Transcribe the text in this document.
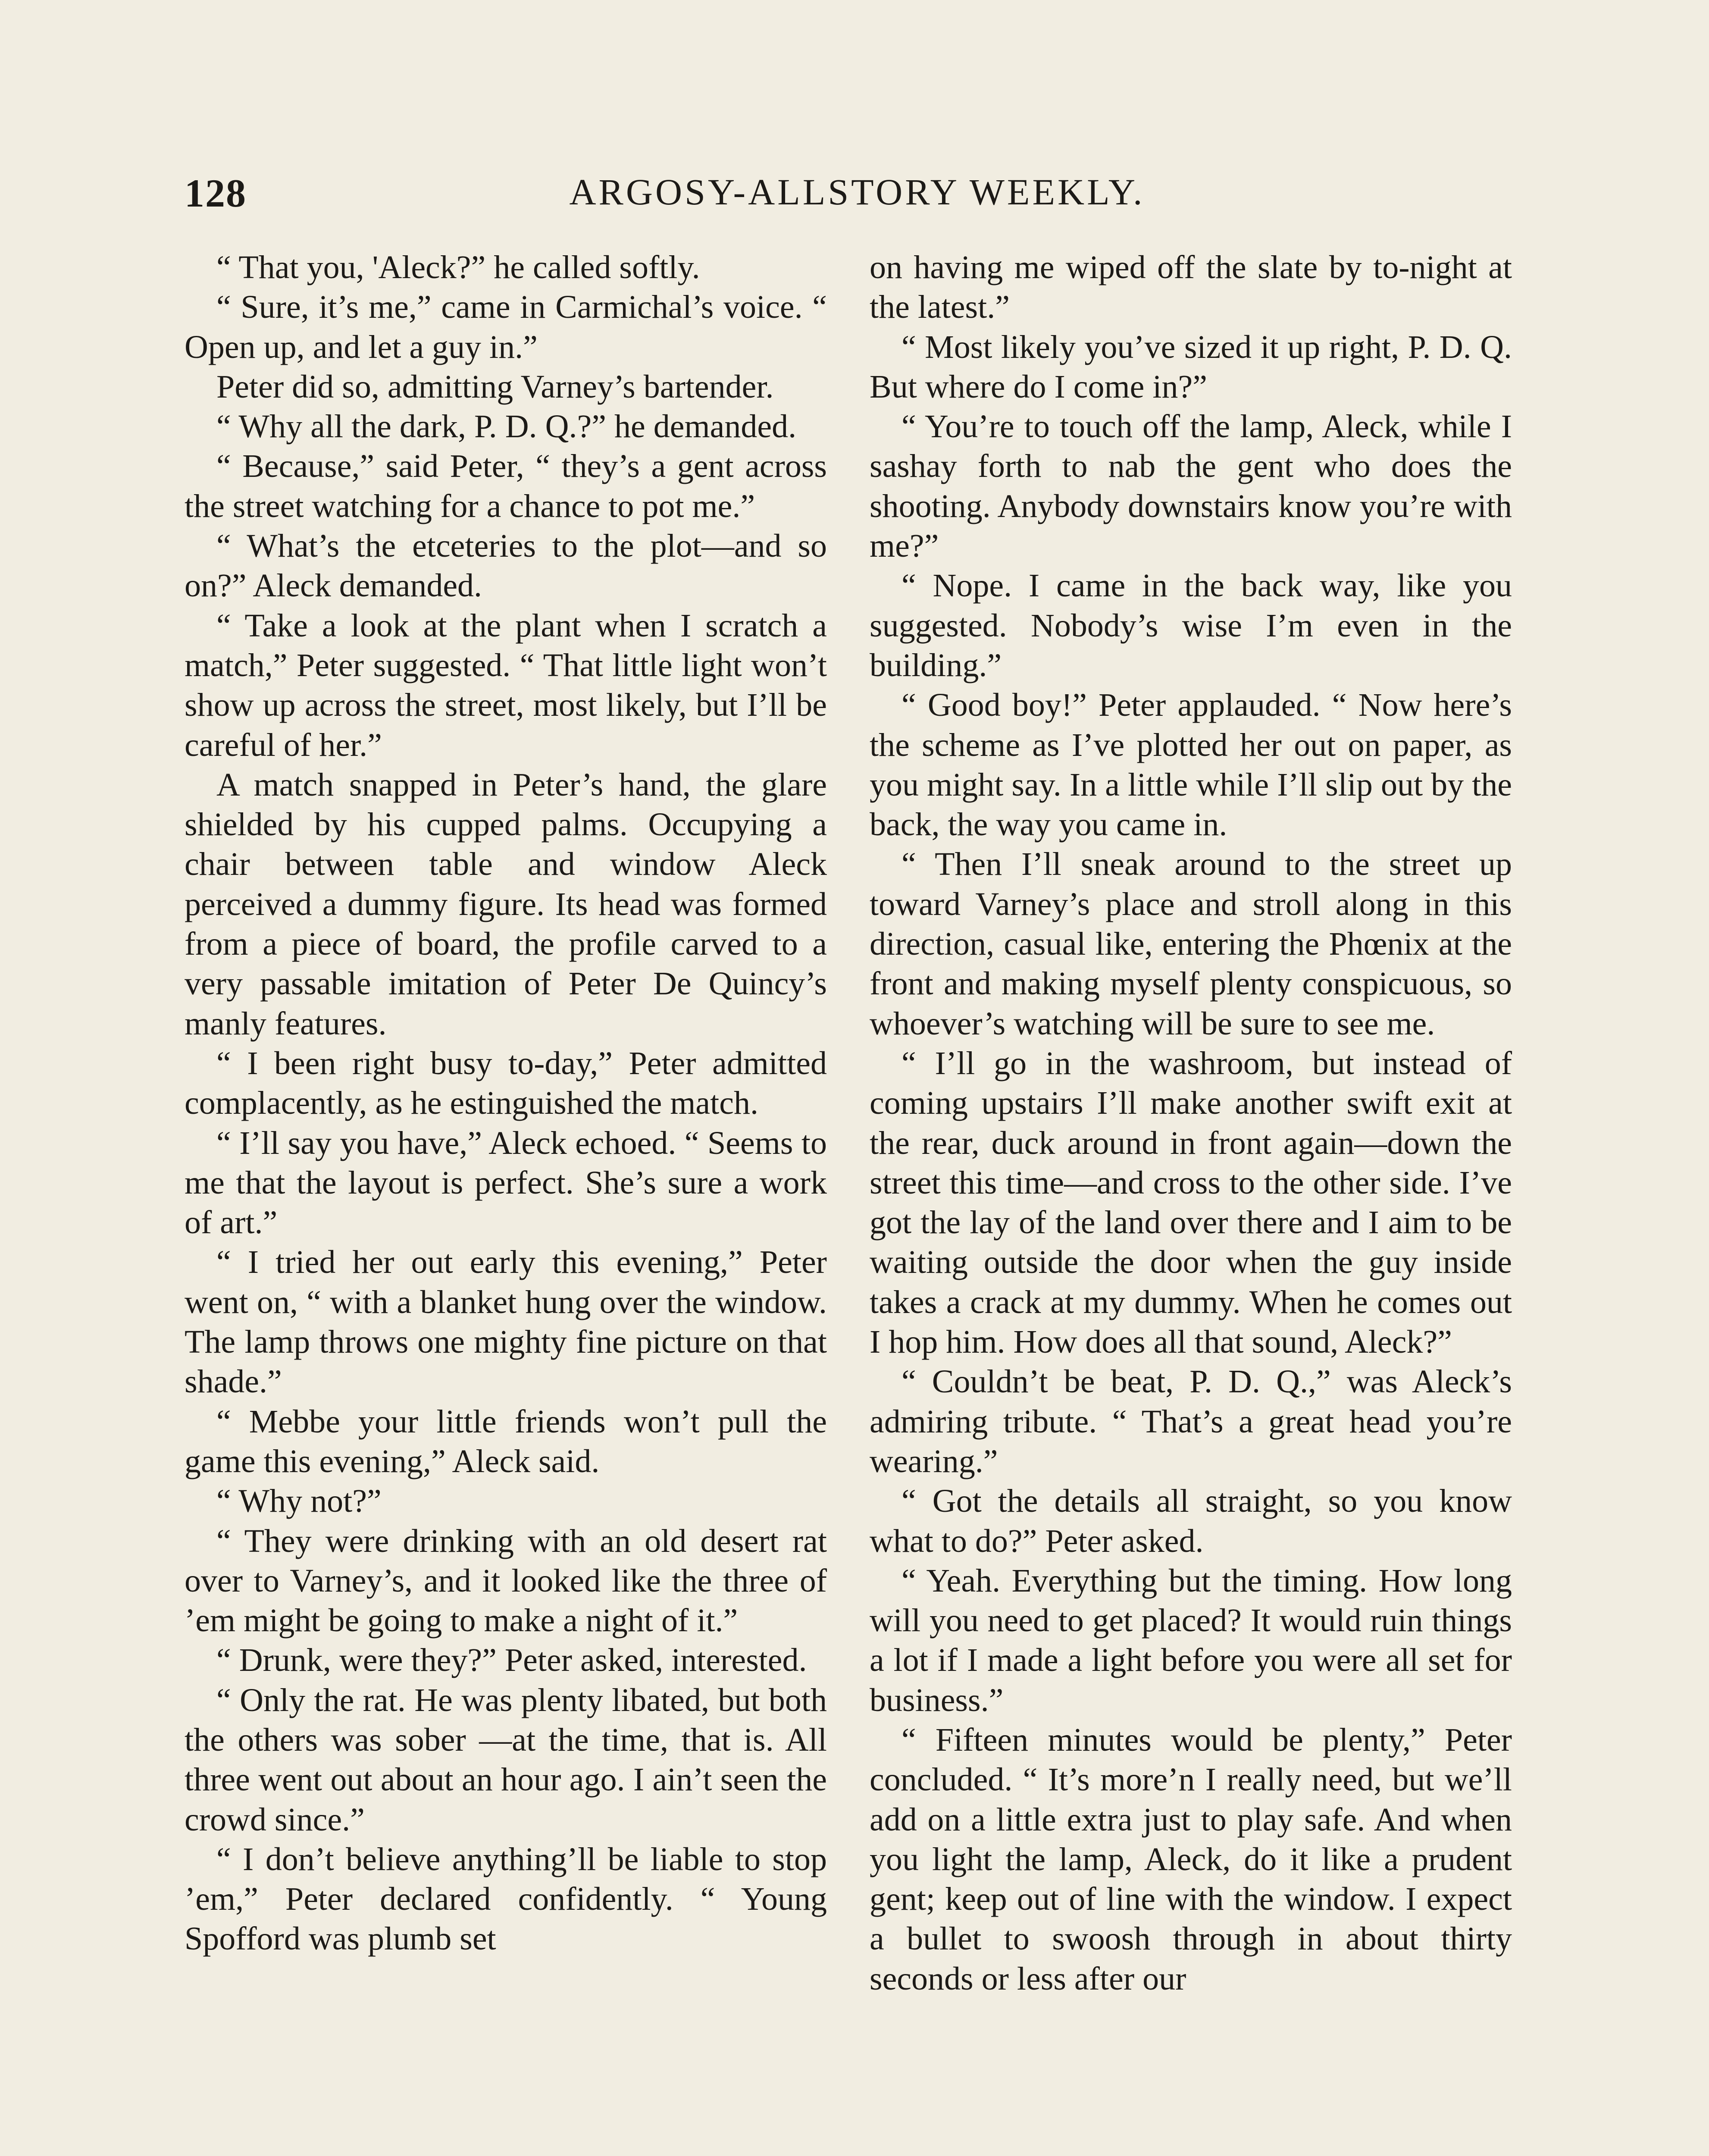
128	ARGOSY-ALLSTORY WEEKLY.

“ That you, 'Aleck?” he called softly.

“ Sure, it’s me,” came in Carmichal’s voice. “ Open up, and let a guy in.”

Peter did so, admitting Varney’s bartender.

“ Why all the dark, P. D. Q.?” he demanded.

“ Because,” said Peter, “ they’s a gent across the street watching for a chance to pot me.”

“ What’s the etceteries to the plot—and so on?” Aleck demanded.

“ Take a look at the plant when I scratch a match,” Peter suggested. “ That little light won’t show up across the street, most likely, but I’ll be careful of her.”

A match snapped in Peter’s hand, the glare shielded by his cupped palms. Occupying a chair between table and window Aleck perceived a dummy figure. Its head was formed from a piece of board, the profile carved to a very passable imitation of Peter De Quincy’s manly features.

“ I been right busy to-day,” Peter admitted complacently, as he estinguished the match.

“ I’ll say you have,” Aleck echoed. “ Seems to me that the layout is perfect. She’s sure a work of art.”

“ I tried her out early this evening,” Peter went on, “ with a blanket hung over the window. The lamp throws one mighty fine picture on that shade.”

“ Mebbe your little friends won’t pull the game this evening,” Aleck said.

“ Why not?”

“ They were drinking with an old desert rat over to Varney’s, and it looked like the three of ’em might be going to make a night of it.”

“ Drunk, were they?” Peter asked, interested.

“ Only the rat. He was plenty libated, but both the others was sober —at the time, that is. All three went out about an hour ago. I ain’t seen the crowd since.”

“ I don’t believe anything’ll be liable to stop ’em,” Peter declared confidently. “ Young Spofford was plumb set

on having me wiped off the slate by to-night at the latest.”

“ Most likely you’ve sized it up right, P. D. Q. But where do I come in?”

“ You’re to touch off the lamp, Aleck, while I sashay forth to nab the gent who does the shooting. Anybody downstairs know you’re with me?”

“ Nope. I came in the back way, like you suggested. Nobody’s wise I’m even in the building.”

“ Good boy!” Peter applauded. “ Now here’s the scheme as I’ve plotted her out on paper, as you might say. In a little while I’ll slip out by the back, the way you came in.

“ Then I’ll sneak around to the street up toward Varney’s place and stroll along in this direction, casual like, entering the Phœnix at the front and making myself plenty conspicuous, so whoever’s watching will be sure to see me.

“ I’ll go in the washroom, but instead of coming upstairs I’ll make another swift exit at the rear, duck around in front again—down the street this time—and cross to the other side. I’ve got the lay of the land over there and I aim to be waiting outside the door when the guy inside takes a crack at my dummy. When he comes out I hop him. How does all that sound, Aleck?”

“ Couldn’t be beat, P. D. Q.,” was Aleck’s admiring tribute. “ That’s a great head you’re wearing.”

“ Got the details all straight, so you know what to do?” Peter asked.

“ Yeah. Everything but the timing. How long will you need to get placed? It would ruin things a lot if I made a light before you were all set for business.”

“ Fifteen minutes would be plenty,” Peter concluded. “ It’s more’n I really need, but we’ll add on a little extra just to play safe. And when you light the lamp, Aleck, do it like a prudent gent; keep out of line with the window. I expect a bullet to swoosh through in about thirty seconds or less after our
